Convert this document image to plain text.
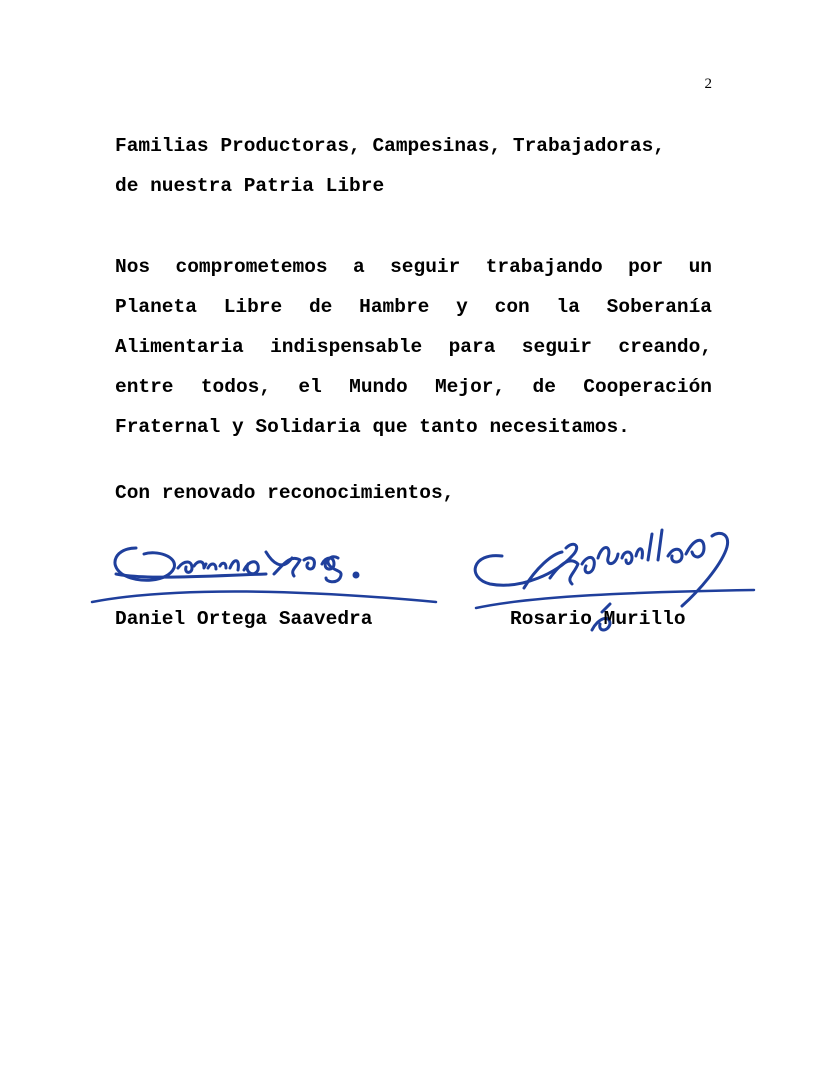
2
Familias Productoras, Campesinas, Trabajadoras,
de nuestra Patria Libre

Nos comprometemos a seguir trabajando por un Planeta Libre de Hambre y con la Soberanía Alimentaria indispensable para seguir creando, entre todos, el Mundo Mejor, de Cooperación Fraternal y Solidaria que tanto necesitamos.

Con renovado reconocimientos,

Daniel Ortega Saavedra	Rosario Murillo
